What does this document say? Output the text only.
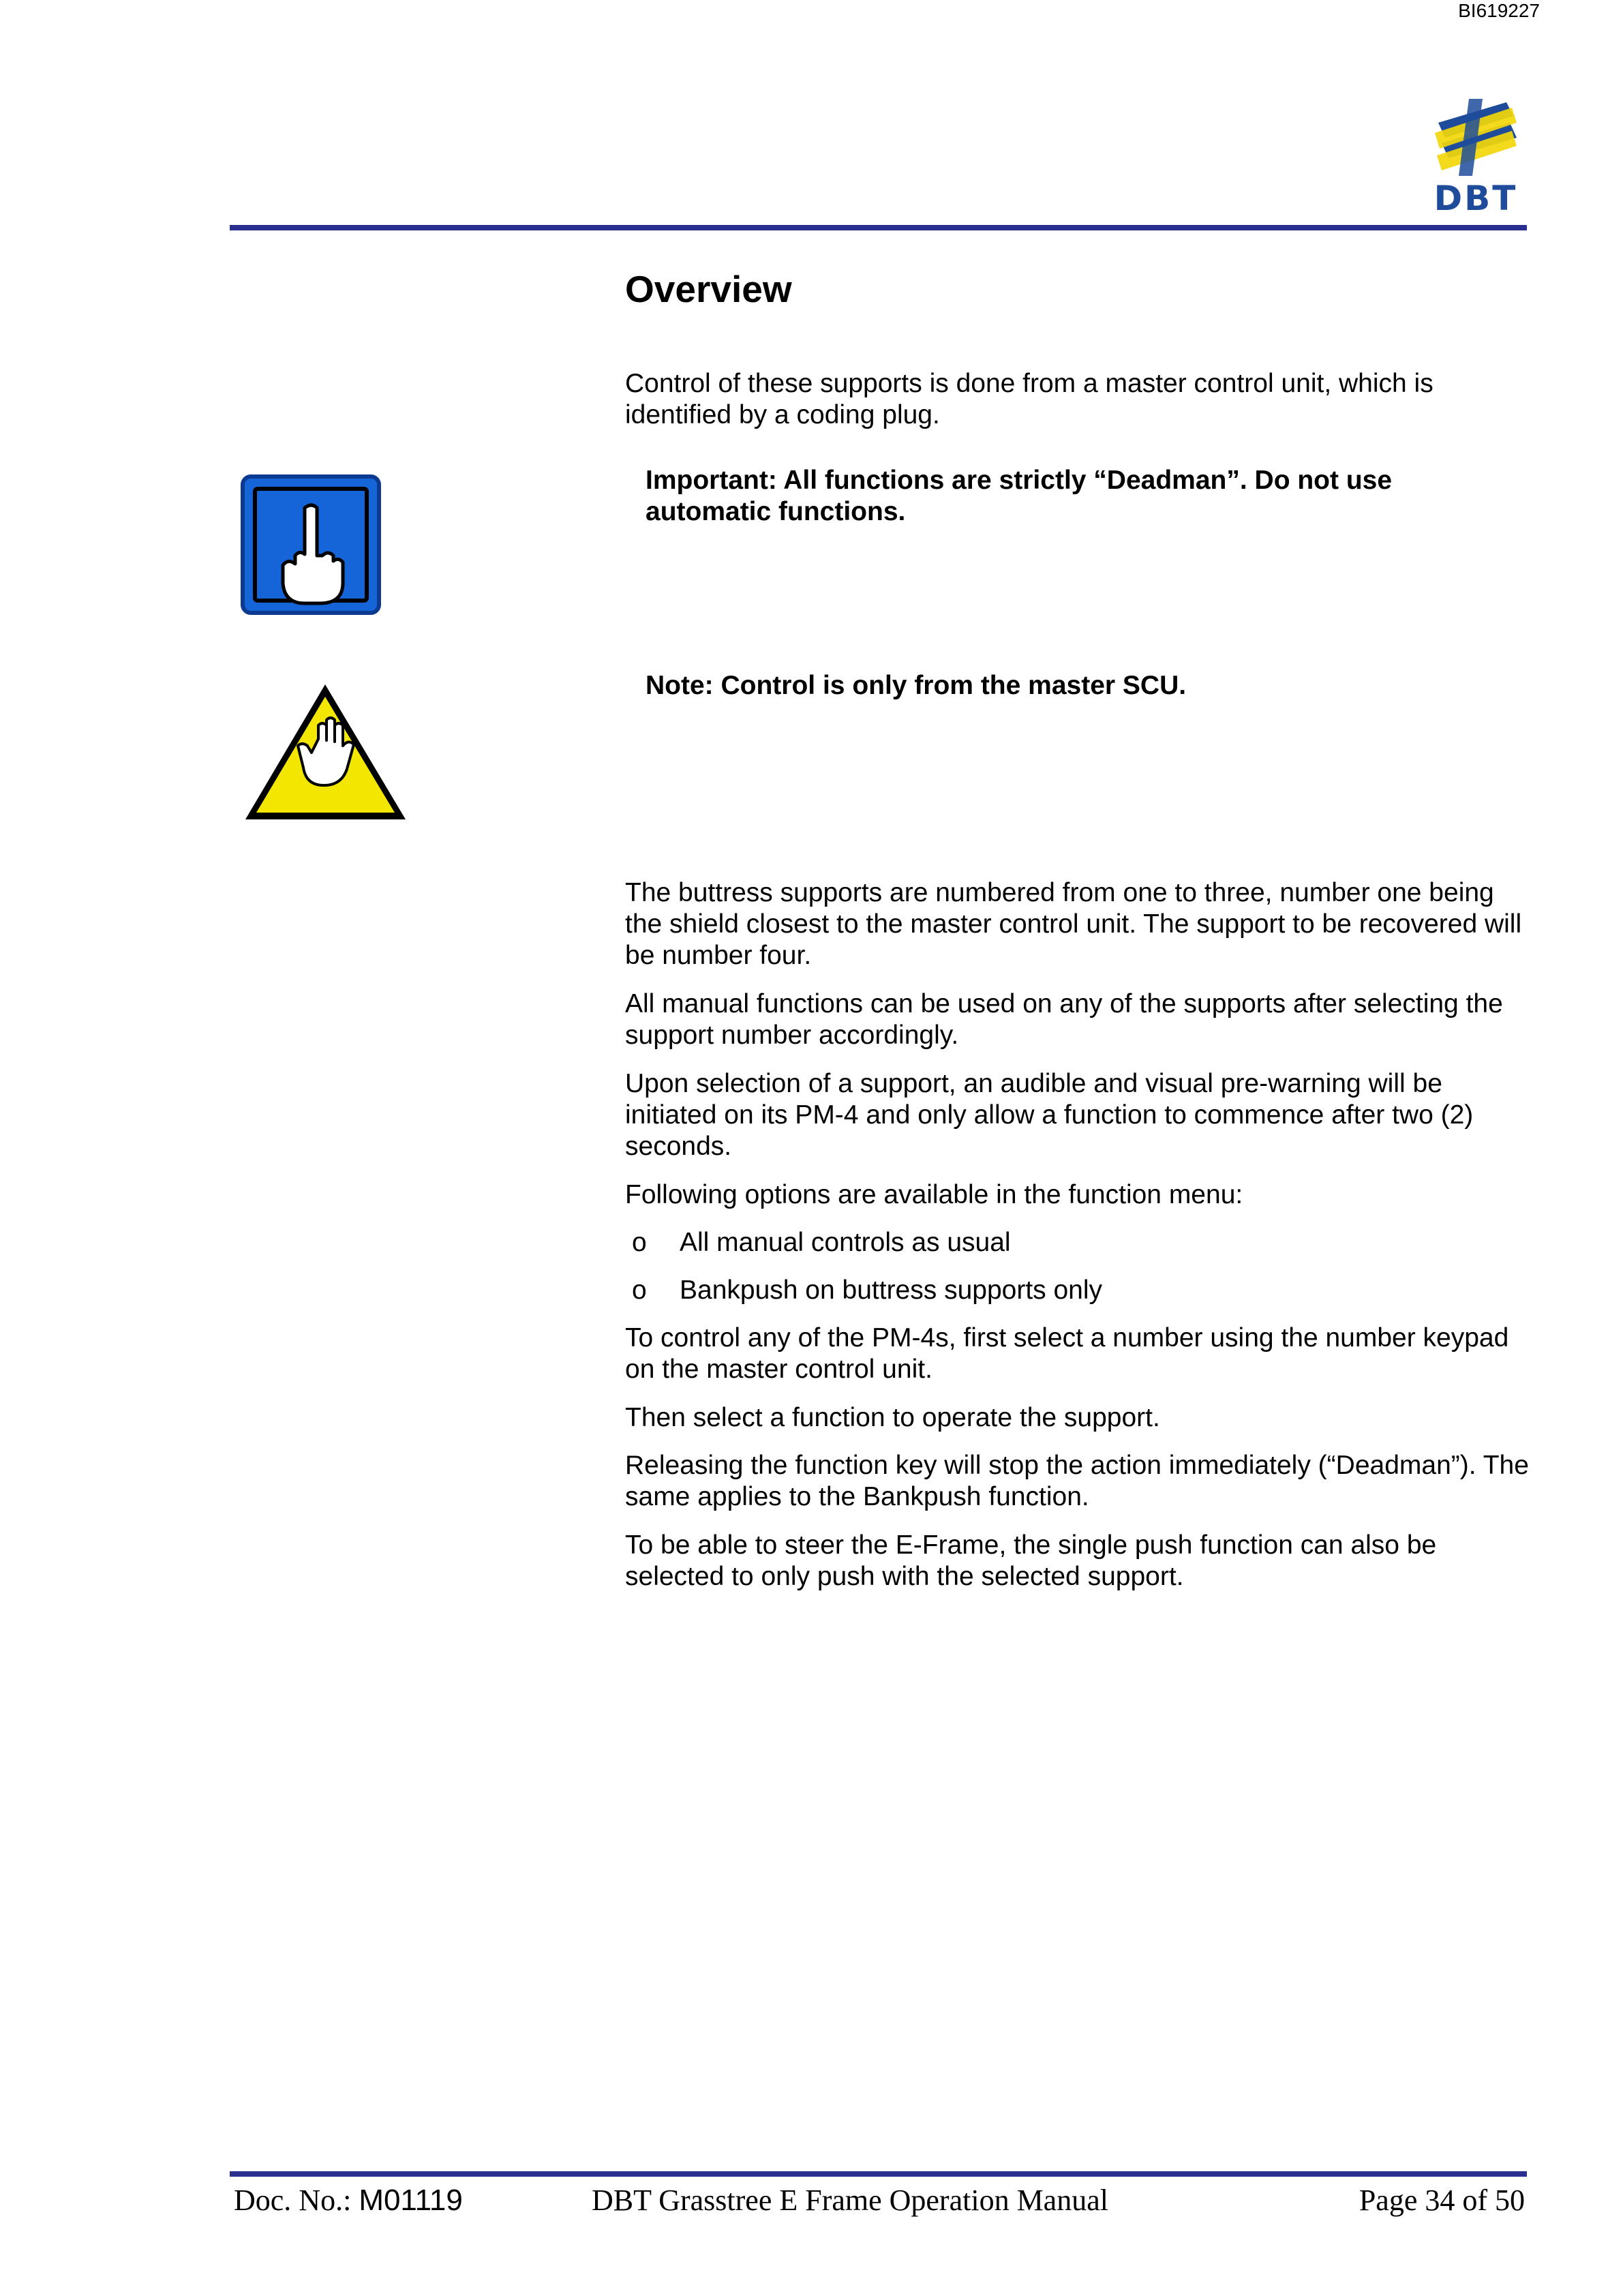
BI619227
DBT
Overview
Control of these supports is done from a master control unit, which is identified by a coding plug.
Important: All functions are strictly “Deadman”. Do not use automatic functions.
Note: Control is only from the master SCU.
The buttress supports are numbered from one to three, number one being the shield closest to the master control unit. The support to be recovered will be number four.
All manual functions can be used on any of the supports after selecting the support number accordingly.
Upon selection of a support, an audible and visual pre-warning will be initiated on its PM-4 and only allow a function to commence after two (2) seconds.
Following options are available in the function menu:
o All manual controls as usual
o Bankpush on buttress supports only
To control any of the PM-4s, first select a number using the number keypad on the master control unit.
Then select a function to operate the support.
Releasing the function key will stop the action immediately (“Deadman”). The same applies to the Bankpush function.
To be able to steer the E-Frame, the single push function can also be selected to only push with the selected support.
Doc. No.: M01119	DBT Grasstree E Frame Operation Manual	Page 34 of 50
